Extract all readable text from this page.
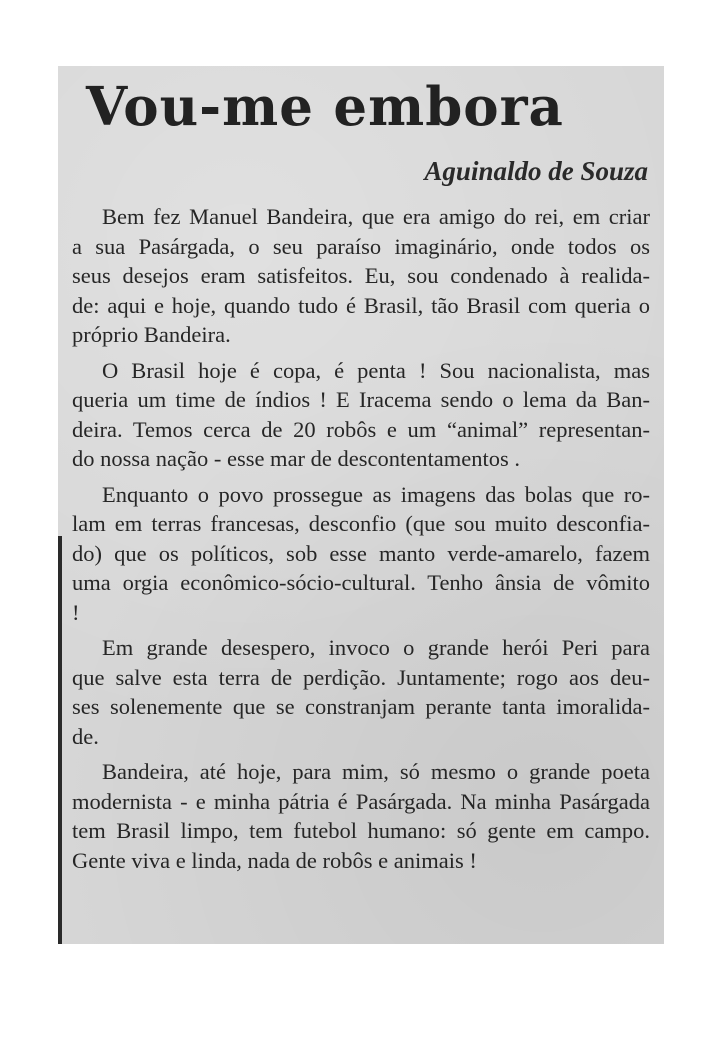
Vou-me embora
Aguinaldo de Souza

Bem fez Manuel Bandeira, que era amigo do rei, em criar
a sua Pasárgada, o seu paraíso imaginário, onde todos os
seus desejos eram satisfeitos. Eu, sou condenado à realida-
de: aqui e hoje, quando tudo é Brasil, tão Brasil com queria o
próprio Bandeira.

O Brasil hoje é copa, é penta ! Sou nacionalista, mas
queria um time de índios ! E Iracema sendo o lema da Ban-
deira. Temos cerca de 20 robôs e um “animal” representan-
do nossa nação - esse mar de descontentamentos .

Enquanto o povo prossegue as imagens das bolas que ro-
lam em terras francesas, desconfio (que sou muito desconfia-
do) que os políticos, sob esse manto verde-amarelo, fazem
uma orgia econômico-sócio-cultural. Tenho ânsia de vômito
!

Em grande desespero, invoco o grande herói Peri para
que salve esta terra de perdição. Juntamente; rogo aos deu-
ses solenemente que se constranjam perante tanta imoralida-
de.

Bandeira, até hoje, para mim, só mesmo o grande poeta
modernista - e minha pátria é Pasárgada. Na minha Pasárgada
tem Brasil limpo, tem futebol humano: só gente em campo.
Gente viva e linda, nada de robôs e animais !
